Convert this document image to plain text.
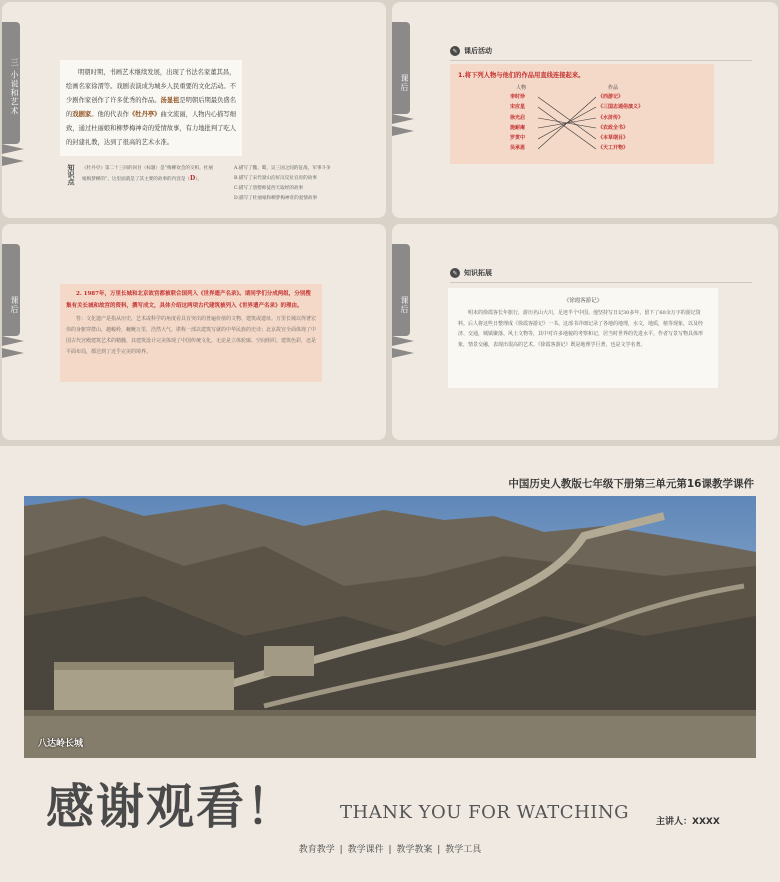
三 小说和艺术	明朝时期，书画艺术继续发展，出现了书法名家董其昌，绘画名家徐渭等。戏剧表演成为城乡人民重要的文化活动。不少剧作家创作了许多优秀的作品。汤显祖是明朝后期最负盛名的戏剧家。他的代表作《牡丹亭》曲文流丽，人物内心描写细致，通过杜丽娘和柳梦梅神奇的爱情故事，有力地批判了吃人的封建礼教，达到了很高的艺术水准。
知识点 《牡丹亭》第二十三回的回目（标题）是“梅柳欢会的交织，杜丽娘梅梦柳的”，这里面就是了其主要的故事的内容是（D）。
A.描写了魏、蜀、吴三国之间的征战，军事斗争
B.描写了宋代梁山泊好汉反抗官府的故事
C.描写了唐僧师徒西天取经的故事
D.描写了杜丽娘和柳梦梅神奇的爱情故事
课后
✎ 课后活动
1.将下列人物与他们的作品用直线连接起来。
人物	作品
李时珍
宋应星
徐光启
施耐庵
罗贯中
吴承恩
《西游记》
《三国志通俗演义》
《水浒传》
《农政全书》
《本草纲目》
《天工开物》
课后
2. 1987年，万里长城和北京故宫都被联合国列入《世界遗产名录》。请同学们分成两组，分别搜集有关长城和故宫的资料，撰写成文，具体介绍这两项古代建筑被列入《世界遗产名录》的理由。
答：文化遗产是指从历史、艺术或科学的角度看具有突出的普遍价值的文物、建筑或遗址。万里长城以得著宏伟的身躯穿群山，越峻岭，蜿蜒万里，浩然大气，堪称一部以建筑写就的中华民族的史诗；北京故宫全面体现了中国古代宫殿建筑艺术的精髓，其建筑设计完美体现了中国传统文化，无论是立体轮廓、空间组织、建筑色彩，还是平面布局，都达到了近乎完美的境界。
课后
✎ 知识拓展
《徐霞客游记》
明末的徐霞客长年旅行，游历名山大川，足迹半个中国。他坚持写日记30多年，留下了60余万字的游记资料。后人将这些日整理成《徐霞客游记》一书。这部书详细记录了各地的地理，水文，地质，植等现象，以及经济、交通，城镇聚落、风土文物等，其中对许多地貌的考察和记，居当时世界的先进水平。作者写景写物具体形象，情景交融，表现出很高的艺术。《徐霞客游记》既是地理学巨著，也是文学名著。
中国历史人教版七年级下册第三单元第16课教学课件
八达岭长城
感谢观看！ THANK YOU FOR WATCHING	主讲人：XXXX
教育教学 | 教学课件 | 教学教案 | 教学工具
